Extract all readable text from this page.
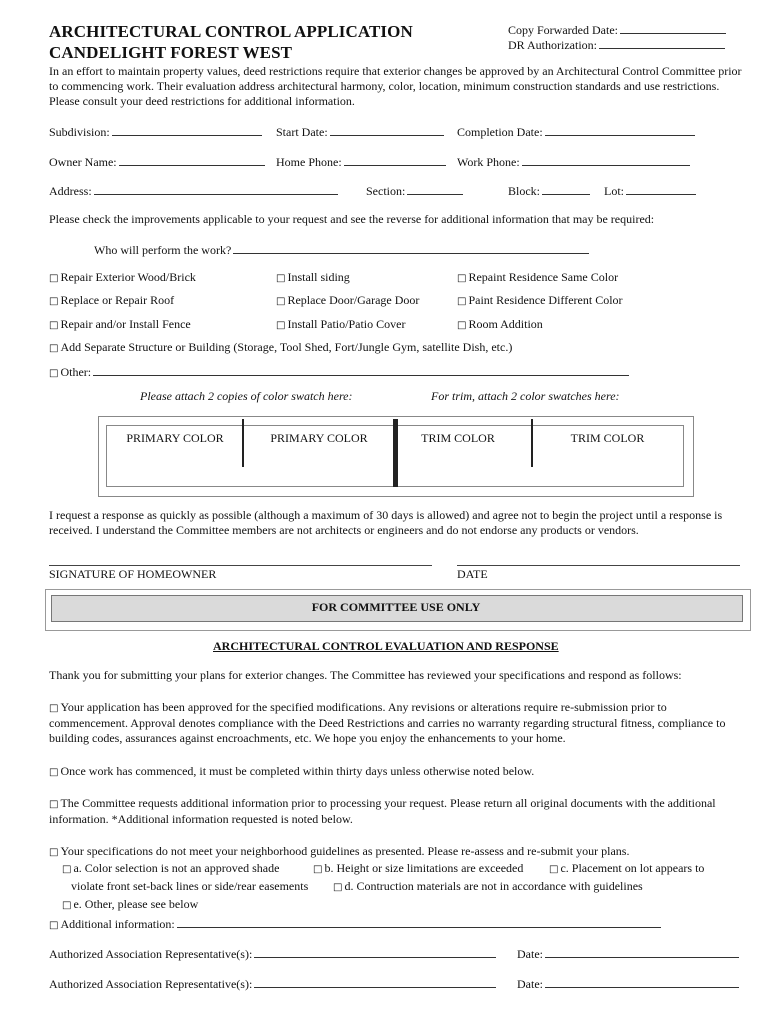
ARCHITECTURAL CONTROL APPLICATION
CANDELIGHT FOREST WEST
Copy Forwarded Date:
DR Authorization:
In an effort to maintain property values, deed restrictions require that exterior changes be approved by an Architectural Control Committee prior to commencing work. Their evaluation address architectural harmony, color, location, minimum construction standards and use restrictions. Please consult your deed restrictions for additional information.
Subdivision:	Start Date:	Completion Date:
Owner Name:	Home Phone:	Work Phone:
Address:	Section:	Block:	Lot:
Please check the improvements applicable to your request and see the reverse for additional information that may be required:
Who will perform the work?
□ Repair Exterior Wood/Brick	□ Install siding	□ Repaint Residence Same Color
□ Replace or Repair Roof	□ Replace Door/Garage Door	□ Paint Residence Different Color
□ Repair and/or Install Fence	□ Install Patio/Patio Cover	□ Room Addition
□ Add Separate Structure or Building (Storage, Tool Shed, Fort/Jungle Gym, satellite Dish, etc.)
□ Other:
Please attach 2 copies of color swatch here:	For trim, attach 2 color swatches here:
PRIMARY COLOR	PRIMARY COLOR	TRIM COLOR	TRIM COLOR
I request a response as quickly as possible (although a maximum of 30 days is allowed) and agree not to begin the project until a response is received. I understand the Committee members are not architects or engineers and do not endorse any products or vendors.
SIGNATURE OF HOMEOWNER	DATE
FOR COMMITTEE USE ONLY
ARCHITECTURAL CONTROL EVALUATION AND RESPONSE
Thank you for submitting your plans for exterior changes. The Committee has reviewed your specifications and respond as follows:
□ Your application has been approved for the specified modifications. Any revisions or alterations require re-submission prior to commencement. Approval denotes compliance with the Deed Restrictions and carries no warranty regarding structural fitness, compliance to building codes, assurances against encroachments, etc. We hope you enjoy the enhancements to your home.
□ Once work has commenced, it must be completed within thirty days unless otherwise noted below.
□ The Committee requests additional information prior to processing your request. Please return all original documents with the additional information. *Additional information requested is noted below.
□ Your specifications do not meet your neighborhood guidelines as presented. Please re-assess and re-submit your plans.
□ a. Color selection is not an approved shade	□ b. Height or size limitations are exceeded	□ c. Placement on lot appears to
violate front set-back lines or side/rear easements □ d. Contruction materials are not in accordance with guidelines
□ e. Other, please see below
□ Additional information:
Authorized Association Representative(s):	Date:
Authorized Association Representative(s):	Date:
